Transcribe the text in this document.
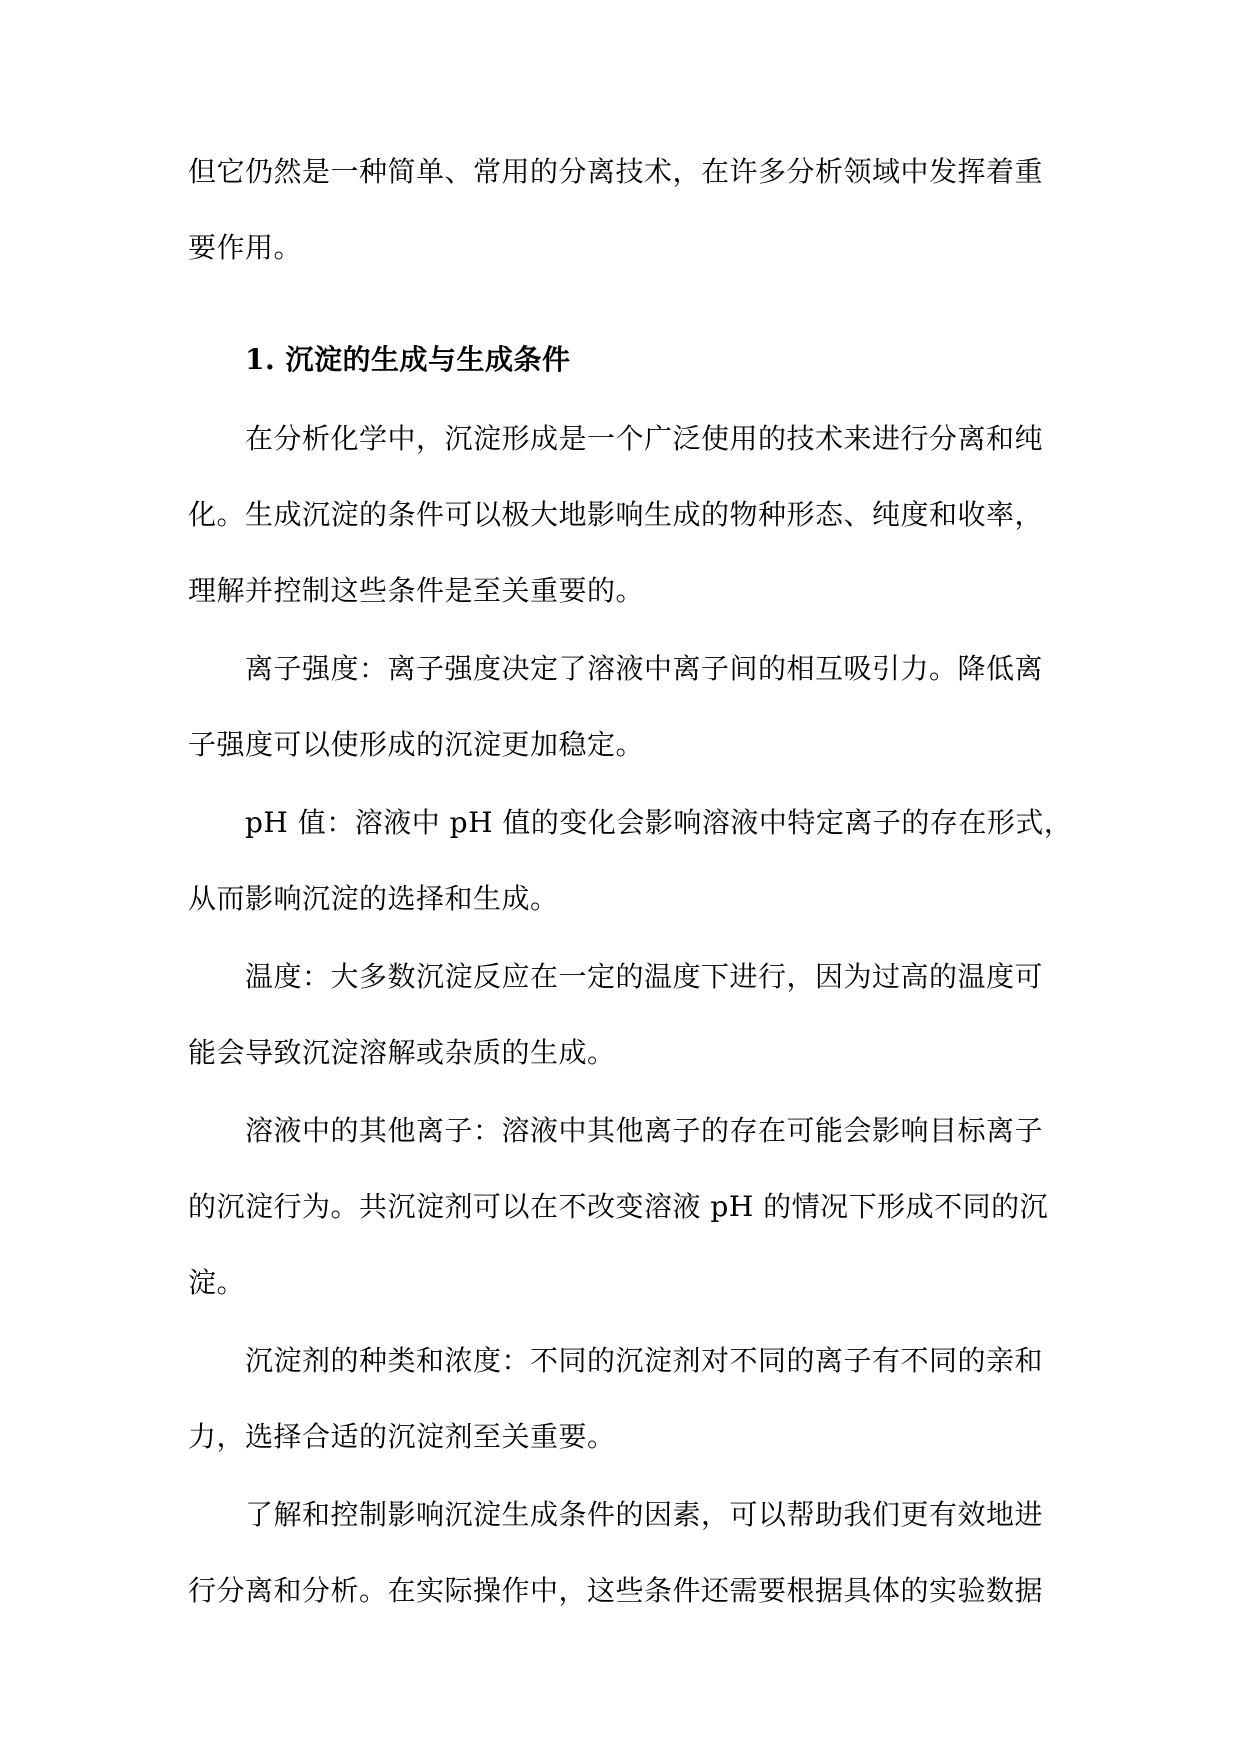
但它仍然是一种简单、常用的分离技术，在许多分析领域中发挥着重
要作用。
1. 沉淀的生成与生成条件
在分析化学中，沉淀形成是一个广泛使用的技术来进行分离和纯
化。生成沉淀的条件可以极大地影响生成的物种形态、纯度和收率，
理解并控制这些条件是至关重要的。
离子强度：离子强度决定了溶液中离子间的相互吸引力。降低离
子强度可以使形成的沉淀更加稳定。
pH 值：溶液中 pH 值的变化会影响溶液中特定离子的存在形式，
从而影响沉淀的选择和生成。
温度：大多数沉淀反应在一定的温度下进行，因为过高的温度可
能会导致沉淀溶解或杂质的生成。
溶液中的其他离子：溶液中其他离子的存在可能会影响目标离子
的沉淀行为。共沉淀剂可以在不改变溶液 pH 的情况下形成不同的沉
淀。
沉淀剂的种类和浓度：不同的沉淀剂对不同的离子有不同的亲和
力，选择合适的沉淀剂至关重要。
了解和控制影响沉淀生成条件的因素，可以帮助我们更有效地进
行分离和分析。在实际操作中，这些条件还需要根据具体的实验数据
